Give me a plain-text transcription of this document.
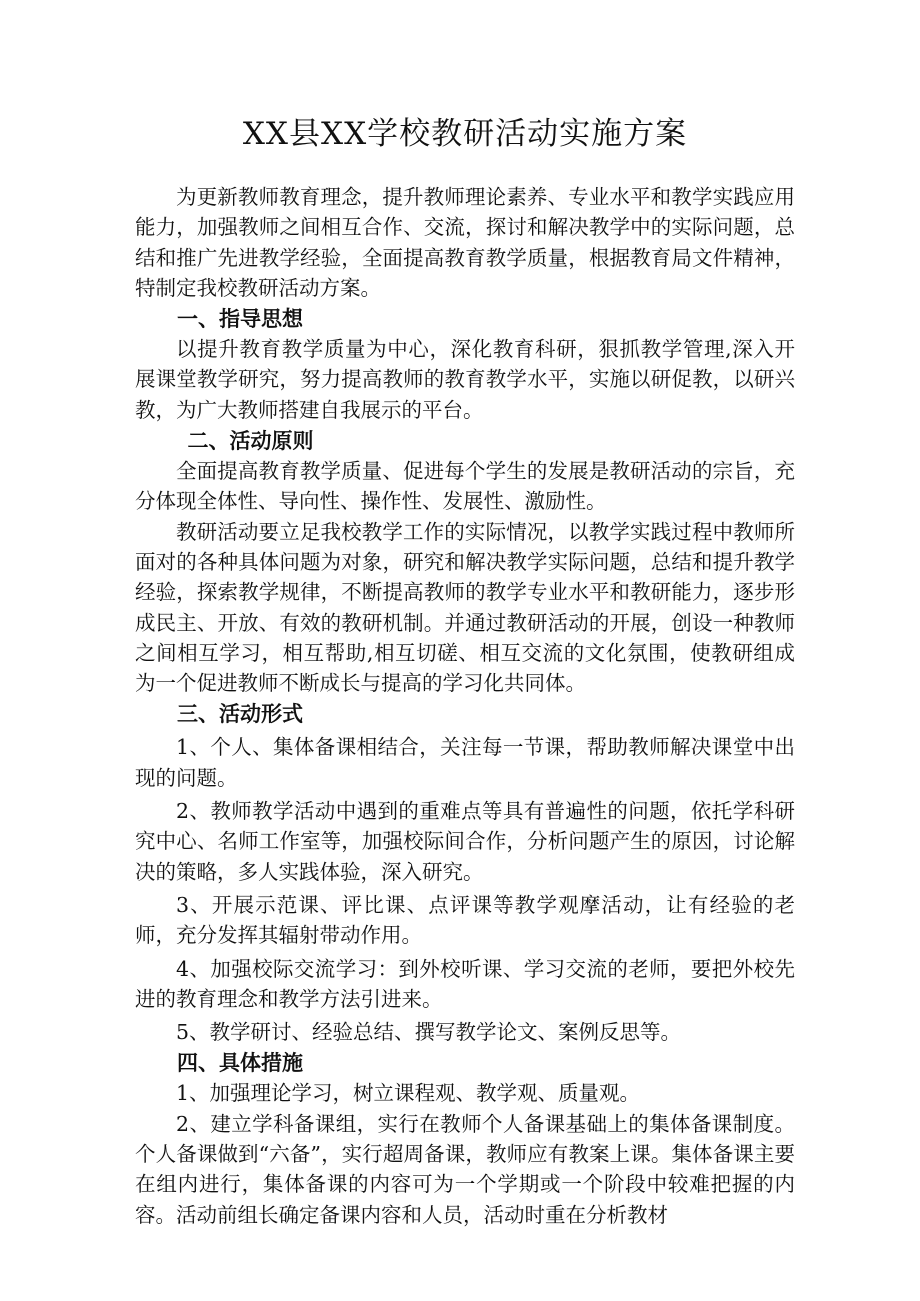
XX县XX学校教研活动实施方案

为更新教师教育理念，提升教师理论素养、专业水平和教学实践应用能力，加强教师之间相互合作、交流，探讨和解决教学中的实际问题，总结和推广先进教学经验，全面提高教育教学质量，根据教育局文件精神，特制定我校教研活动方案。

一、指导思想

以提升教育教学质量为中心，深化教育科研，狠抓教学管理,深入开展课堂教学研究，努力提高教师的教育教学水平，实施以研促教，以研兴教，为广大教师搭建自我展示的平台。

二、活动原则

全面提高教育教学质量、促进每个学生的发展是教研活动的宗旨，充分体现全体性、导向性、操作性、发展性、激励性。

教研活动要立足我校教学工作的实际情况，以教学实践过程中教师所面对的各种具体问题为对象，研究和解决教学实际问题，总结和提升教学经验，探索教学规律，不断提高教师的教学专业水平和教研能力，逐步形成民主、开放、有效的教研机制。并通过教研活动的开展，创设一种教师之间相互学习，相互帮助,相互切磋、相互交流的文化氛围，使教研组成为一个促进教师不断成长与提高的学习化共同体。

三、活动形式

1、个人、集体备课相结合，关注每一节课，帮助教师解决课堂中出现的问题。

2、教师教学活动中遇到的重难点等具有普遍性的问题，依托学科研究中心、名师工作室等，加强校际间合作，分析问题产生的原因，讨论解决的策略，多人实践体验，深入研究。

3、开展示范课、评比课、点评课等教学观摩活动，让有经验的老师，充分发挥其辐射带动作用。

4、加强校际交流学习：到外校听课、学习交流的老师，要把外校先进的教育理念和教学方法引进来。

5、教学研讨、经验总结、撰写教学论文、案例反思等。

四、具体措施

1、加强理论学习，树立课程观、教学观、质量观。

2、建立学科备课组，实行在教师个人备课基础上的集体备课制度。个人备课做到“六备”，实行超周备课，教师应有教案上课。集体备课主要在组内进行，集体备课的内容可为一个学期或一个阶段中较难把握的内容。活动前组长确定备课内容和人员，活动时重在分析教材
